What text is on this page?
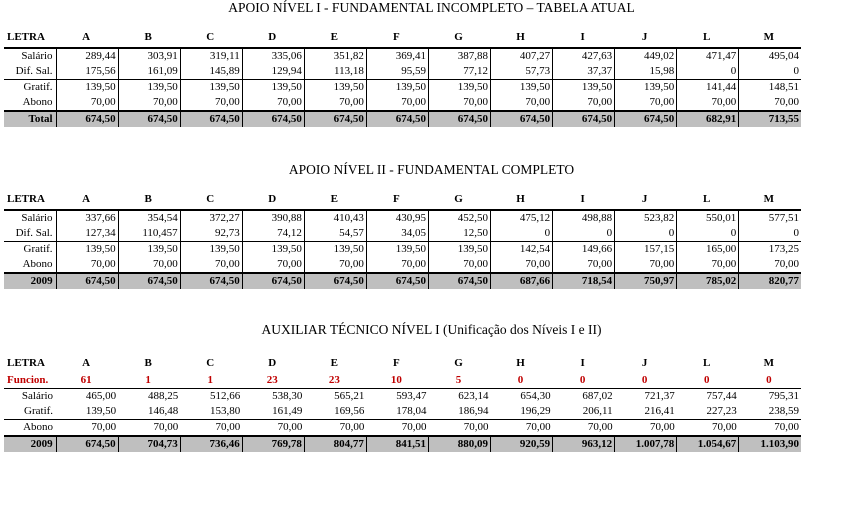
APOIO NÍVEL I - FUNDAMENTAL INCOMPLETO – TABELA ATUAL
LETRA	A	B	C	D	E	F	G	H	I	J	L	M
Salário	289,44	303,91	319,11	335,06	351,82	369,41	387,88	407,27	427,63	449,02	471,47	495,04
Dif. Sal.	175,56	161,09	145,89	129,94	113,18	95,59	77,12	57,73	37,37	15,98	0	0
Gratif.	139,50	139,50	139,50	139,50	139,50	139,50	139,50	139,50	139,50	139,50	141,44	148,51
Abono	70,00	70,00	70,00	70,00	70,00	70,00	70,00	70,00	70,00	70,00	70,00	70,00
Total	674,50	674,50	674,50	674,50	674,50	674,50	674,50	674,50	674,50	674,50	682,91	713,55
APOIO NÍVEL II - FUNDAMENTAL COMPLETO
LETRA	A	B	C	D	E	F	G	H	I	J	L	M
Salário	337,66	354,54	372,27	390,88	410,43	430,95	452,50	475,12	498,88	523,82	550,01	577,51
Dif. Sal.	127,34	110,457	92,73	74,12	54,57	34,05	12,50	0	0	0	0	0
Gratif.	139,50	139,50	139,50	139,50	139,50	139,50	139,50	142,54	149,66	157,15	165,00	173,25
Abono	70,00	70,00	70,00	70,00	70,00	70,00	70,00	70,00	70,00	70,00	70,00	70,00
2009	674,50	674,50	674,50	674,50	674,50	674,50	674,50	687,66	718,54	750,97	785,02	820,77
AUXILIAR TÉCNICO NÍVEL I (Unificação dos Níveis I e II)
LETRA	A	B	C	D	E	F	G	H	I	J	L	M
Funcion.	61	1	1	23	23	10	5	0	0	0	0	0
Salário	465,00	488,25	512,66	538,30	565,21	593,47	623,14	654,30	687,02	721,37	757,44	795,31
Gratif.	139,50	146,48	153,80	161,49	169,56	178,04	186,94	196,29	206,11	216,41	227,23	238,59
Abono	70,00	70,00	70,00	70,00	70,00	70,00	70,00	70,00	70,00	70,00	70,00	70,00
2009	674,50	704,73	736,46	769,78	804,77	841,51	880,09	920,59	963,12	1.007,78	1.054,67	1.103,90
